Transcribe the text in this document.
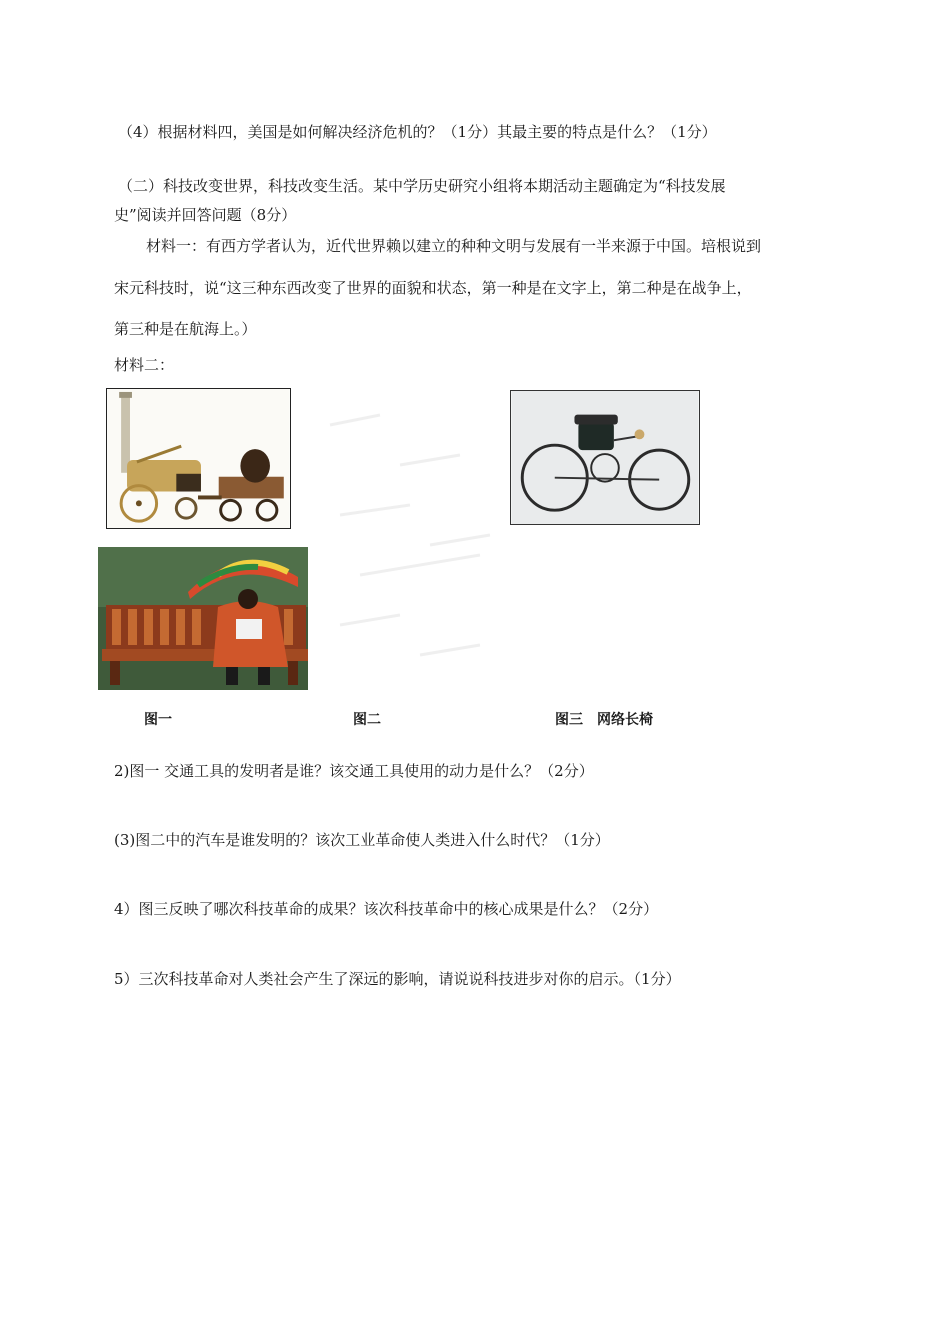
（4）根据材料四，美国是如何解决经济危机的？（1分）其最主要的特点是什么？（1分）
（二）科技改变世界，科技改变生活。某中学历史研究小组将本期活动主题确定为“科技发展
史”阅读并回答问题（8分）
材料一：有西方学者认为，近代世界赖以建立的种种文明与发展有一半来源于中国。培根说到
宋元科技时，说“这三种东西改变了世界的面貌和状态，第一种是在文字上，第二种是在战争上，
第三种是在航海上。）
材料二：
图一	图二	图三　网络长椅
2)图一 交通工具的发明者是谁？该交通工具使用的动力是什么？（2分）
(3)图二中的汽车是谁发明的？该次工业革命使人类进入什么时代？（1分）
4）图三反映了哪次科技革命的成果？该次科技革命中的核心成果是什么？（2分）
5）三次科技革命对人类社会产生了深远的影响，请说说科技进步对你的启示。（1分）
